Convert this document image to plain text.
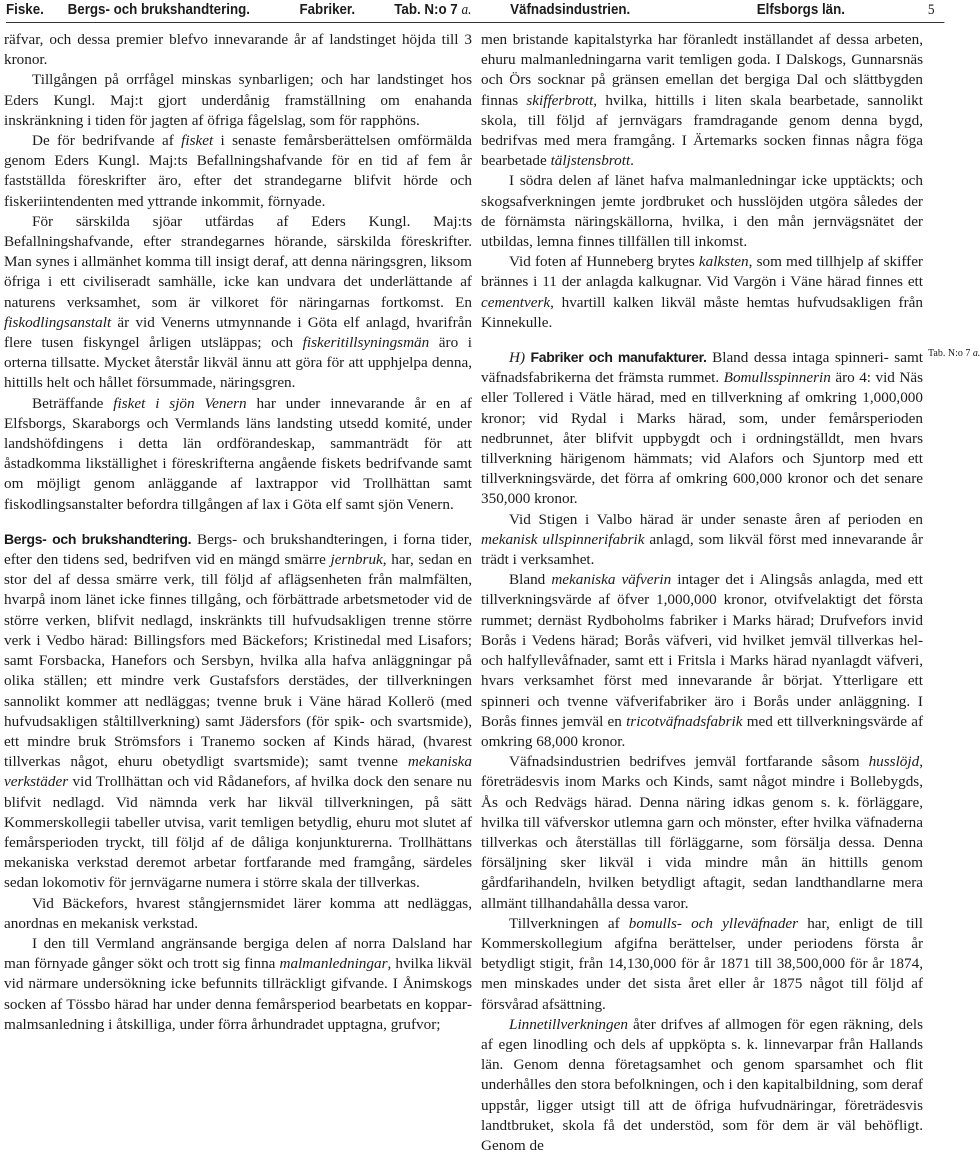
Fiske. Bergs- och brukshandtering.	Fabriker.	Tab. N:o 7 a.	Väfnadsindustrien.	Elfsborgs län.	5

räfvar, och dessa premier blefvo innevarande år af landstinget höjda till 3 kronor.

Tillgången på orrfågel minskas synbarligen; och har landstinget hos Eders Kungl. Maj:t gjort underdånig framställning om enahanda inskränkning i tiden för jagten af öfriga fågelslag, som för rapphöns.

De för bedrifvande af fisket i senaste femårsberättelsen omförmälda genom Eders Kungl. Maj:ts Befallningshafvande för en tid af fem år fastställda föreskrifter äro, efter det strandegarne blifvit hörde och fiskeriintendenten med yttrande inkommit, förnyade.

För särskilda sjöar utfärdas af Eders Kungl. Maj:ts Befallningshafvande, efter strandegarnes hörande, särskilda föreskrifter. Man synes i allmänhet komma till insigt deraf, att denna näringsgren, liksom öfriga i ett civiliseradt samhälle, icke kan undvara det underlättande af naturens verksamhet, som är vilkoret för näringarnas fortkomst. En fiskodlingsanstalt är vid Venerns utmynnande i Göta elf anlagd, hvarifrån flere tusen fiskyngel årligen utsläppas; och fiskeritillsyningsmän äro i orterna tillsatte. Mycket återstår likväl ännu att göra för att upphjelpa denna, hittills helt och hållet försummade, näringsgren.

Beträffande fisket i sjön Venern har under innevarande år en af Elfsborgs, Skaraborgs och Vermlands läns landsting utsedd komité, under landshöfdingens i detta län ordförandeskap, sammanträdt för att åstadkomma likställighet i föreskrifterna angående fiskets bedrifvande samt om möjligt genom anläggande af laxtrappor vid Trollhättan samt fiskodlingsanstalter befordra tillgången af lax i Göta elf samt sjön Venern.

Bergs- och brukshandtering. Bergs- och brukshandteringen, i forna tider, efter den tidens sed, bedrifven vid en mängd smärre jernbruk, har, sedan en stor del af dessa smärre verk, till följd af aflägsenheten från malmfälten, hvarpå inom länet icke finnes tillgång, och förbättrade arbetsmetoder vid de större verken, blifvit nedlagd, inskränkts till hufvudsakligen trenne större verk i Vedbo härad: Billingsfors med Bäckefors; Kristinedal med Lisafors; samt Forsbacka, Hanefors och Sersbyn, hvilka alla hafva anläggningar på olika ställen; ett mindre verk Gustafsfors derstädes, der tillverkningen sannolikt kommer att nedläggas; tvenne bruk i Väne härad Kollerö (med hufvudsakligen ståltillverkning) samt Jädersfors (för spik- och svartsmide), ett mindre bruk Strömsfors i Tranemo socken af Kinds härad, (hvarest tillverkas något, ehuru obetydligt svartsmide); samt tvenne mekaniska verkstäder vid Trollhättan och vid Rådanefors, af hvilka dock den senare nu blifvit nedlagd. Vid nämnda verk har likväl tillverkningen, på sätt Kommerskollegii tabeller utvisa, varit temligen betydlig, ehuru mot slutet af femårsperioden tryckt, till följd af de dåliga konjunkturerna. Trollhättans mekaniska verkstad deremot arbetar fortfarande med framgång, särdeles sedan lokomotiv för jernvägarne numera i större skala der tillverkas.

Vid Bäckefors, hvarest stångjernsmidet lärer komma att nedläggas, anordnas en mekanisk verkstad.

I den till Vermland angränsande bergiga delen af norra Dalsland har man förnyade gånger sökt och trott sig finna malmanledningar, hvilka likväl vid närmare undersökning icke befunnits tillräckligt gifvande. I Ånimskogs socken af Tössbo härad har under denna femårsperiod bearbetats en kopparmalmsanledning i åtskilliga, under förra århundradet upptagna, grufvor;

men bristande kapitalstyrka har föranledt inställandet af dessa arbeten, ehuru malmanledningarna varit temligen goda. I Dalskogs, Gunnarsnäs och Örs socknar på gränsen emellan det bergiga Dal och slättbygden finnas skifferbrott, hvilka, hittills i liten skala bearbetade, sannolikt skola, till följd af jernvägars framdragande genom denna bygd, bedrifvas med mera framgång. I Ärtemarks socken finnas några föga bearbetade täljstensbrott.

I södra delen af länet hafva malmanledningar icke upptäckts; och skogsafverkningen jemte jordbruket och husslöjden utgöra således der de förnämsta näringskällorna, hvilka, i den mån jernvägsnätet der utbildas, lemna finnes tillfällen till inkomst.

Vid foten af Hunneberg brytes kalksten, som med tillhjelp af skiffer brännes i 11 der anlagda kalkugnar. Vid Vargön i Väne härad finnes ett cementverk, hvartill kalken likväl måste hemtas hufvudsakligen från Kinnekulle.

H) Fabriker och manufakturer. Bland dessa intaga spinneri- samt väfnadsfabrikerna det främsta rummet. Bomullsspinnerin äro 4: vid Näs eller Tollered i Vätle härad, med en tillverkning af omkring 1,000,000 kronor; vid Rydal i Marks härad, som, under femårsperioden nedbrunnet, åter blifvit uppbygdt och i ordningställdt, men hvars tillverkning härigenom hämmats; vid Alafors och Sjuntorp med ett tillverkningsvärde, det förra af omkring 600,000 kronor och det senare 350,000 kronor.

Vid Stigen i Valbo härad är under senaste åren af perioden en mekanisk ullspinnerifabrik anlagd, som likväl först med innevarande år trädt i verksamhet.

Bland mekaniska väfverin intager det i Alingsås anlagda, med ett tillverkningsvärde af öfver 1,000,000 kronor, otvifvelaktigt det första rummet; dernäst Rydboholms fabriker i Marks härad; Drufvefors invid Borås i Vedens härad; Borås väfveri, vid hvilket jemväl tillverkas hel- och halfyllevåfnader, samt ett i Fritsla i Marks härad nyanlagdt väfveri, hvars verksamhet först med innevarande år börjat. Ytterligare ett spinneri och tvenne väfverifabriker äro i Borås under anläggning. I Borås finnes jemväl en tricotväfnadsfabrik med ett tillverkningsvärde af omkring 68,000 kronor.

Väfnadsindustrien bedrifves jemväl fortfarande såsom husslöjd, företrädesvis inom Marks och Kinds, samt något mindre i Bollebygds, Ås och Redvägs härad. Denna näring idkas genom s. k. förläggare, hvilka till väfverskor utlemna garn och mönster, efter hvilka väfnaderna tillverkas och återställas till förläggarne, som försälja dessa. Denna försäljning sker likväl i vida mindre mån än hittills genom gårdfarihandeln, hvilken betydligt aftagit, sedan landthandlarne mera allmänt tillhandahålla dessa varor.

Tillverkningen af bomulls- och ylleväfnader har, enligt de till Kommerskollegium afgifna berättelser, under periodens första år betydligt stigit, från 14,130,000 för år 1871 till 38,500,000 för år 1874, men minskades under det sista året eller år 1875 något till följd af försvårad afsättning.

Linnetillverkningen åter drifves af allmogen för egen räkning, dels af egen linodling och dels af uppköpta s. k. linnevarpar från Hallands län. Genom denna företagsamhet och genom sparsamhet och flit underhålles den stora befolkningen, och i den kapitalbildning, som deraf uppstår, ligger utsigt till att de öfriga hufvudnäringar, företrädesvis landtbruket, skola få det understöd, som för dem är väl behöfligt. Genom de

Tab. N:o 7 a.
